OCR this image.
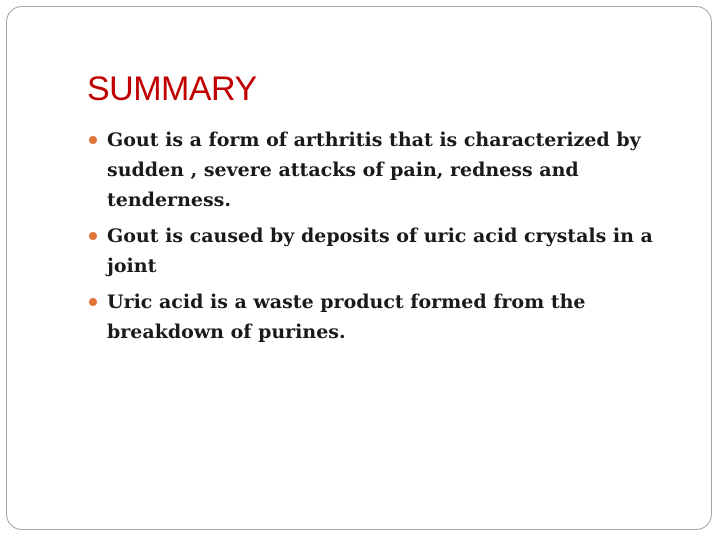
SUMMARY
Gout is a form of arthritis that is characterized by sudden , severe attacks of pain, redness and tenderness.
Gout is caused by deposits of uric acid crystals in a joint
Uric acid is a waste product formed from the breakdown of purines.
